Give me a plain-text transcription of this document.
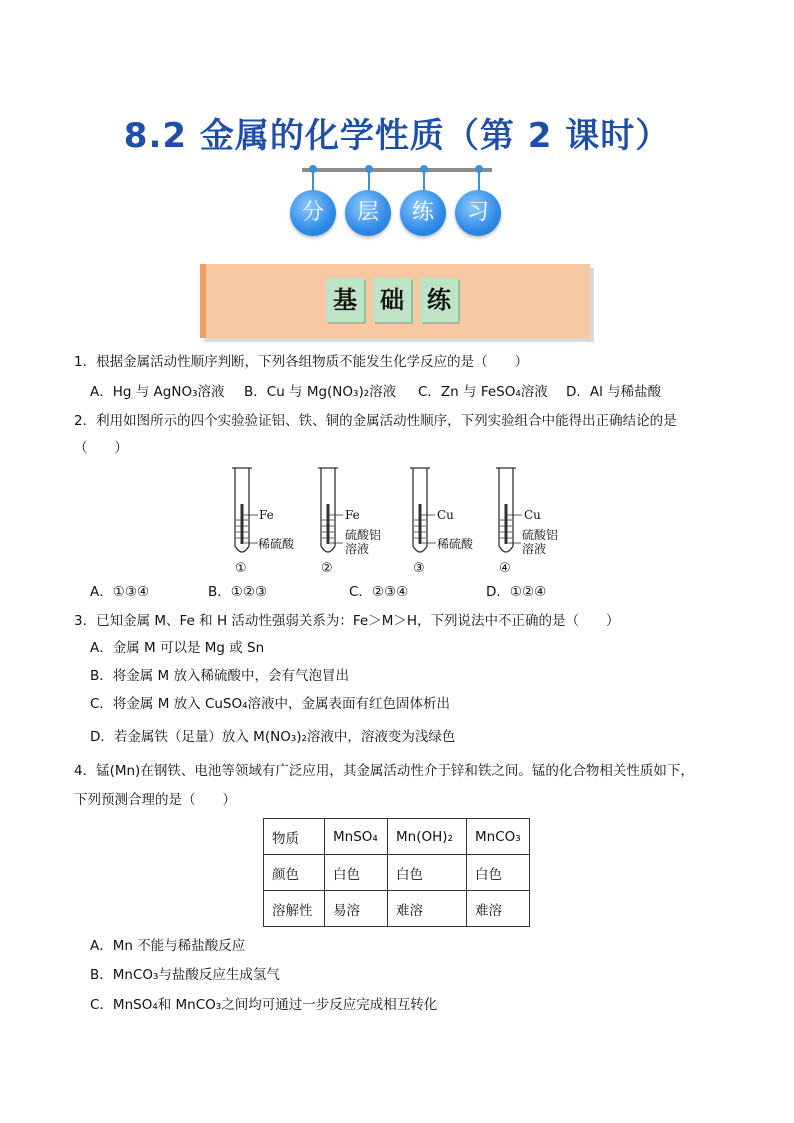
8.2 金属的化学性质（第 2 课时）
分	层	练	习
基 础 练
1．根据金属活动性顺序判断，下列各组物质不能发生化学反应的是（　　）
A．Hg 与 AgNO₃溶液 B．Cu 与 Mg(NO₃)₂溶液 C．Zn 与 FeSO₄溶液 D．Al 与稀盐酸
2．利用如图所示的四个实验验证铝、铁、铜的金属活动性顺序，下列实验组合中能得出正确结论的是
（　　）
Fe
稀硫酸
①
Fe
硫酸铝溶液
②
Cu
稀硫酸
③
Cu
硫酸铝溶液
④
A．①③④	B．①②③	C．②③④	D．①②④
3．已知金属 M、Fe 和 H 活动性强弱关系为：Fe＞M＞H，下列说法中不正确的是（　　）
A．金属 M 可以是 Mg 或 Sn
B．将金属 M 放入稀硫酸中，会有气泡冒出
C．将金属 M 放入 CuSO₄溶液中，金属表面有红色固体析出
D．若金属铁（足量）放入 M(NO₃)₂溶液中，溶液变为浅绿色
4．锰(Mn)在钢铁、电池等领域有广泛应用，其金属活动性介于锌和铁之间。锰的化合物相关性质如下，
下列预测合理的是（　　）
物质	MnSO₄	Mn(OH)₂	MnCO₃
颜色	白色	白色	白色
溶解性	易溶	难溶	难溶
A．Mn 不能与稀盐酸反应
B．MnCO₃与盐酸反应生成氢气
C．MnSO₄和 MnCO₃之间均可通过一步反应完成相互转化
